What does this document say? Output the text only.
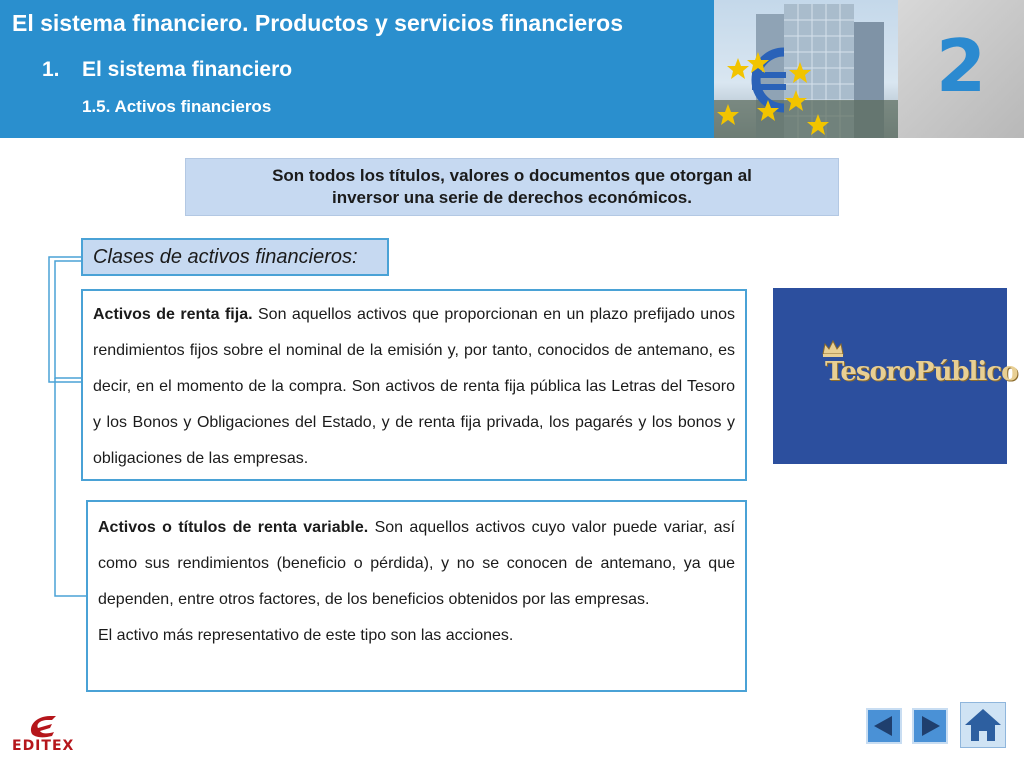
El sistema financiero. Productos y servicios financieros
1. El sistema financiero
1.5. Activos financieros	2
Son todos los títulos, valores o documentos que otorgan al
inversor una serie de derechos económicos.
Clases de activos financieros:

Activos de renta fija. Son aquellos activos que proporcionan en un plazo prefijado unos rendimientos fijos sobre el nominal de la emisión y, por tanto, conocidos de antemano, es decir, en el momento de la compra. Son activos de renta fija pública las Letras del Tesoro y los Bonos y Obligaciones del Estado, y de renta fija privada, los pagarés y los bonos y obligaciones de las empresas.

Activos o títulos de renta variable. Son aquellos activos cuyo valor puede variar, así como sus rendimientos (beneficio o pérdida), y no se conocen de antemano, ya que dependen, entre otros factores, de los beneficios obtenidos por las empresas.

El activo más representativo de este tipo son las acciones.

TesoroPúblico
EDITEX
